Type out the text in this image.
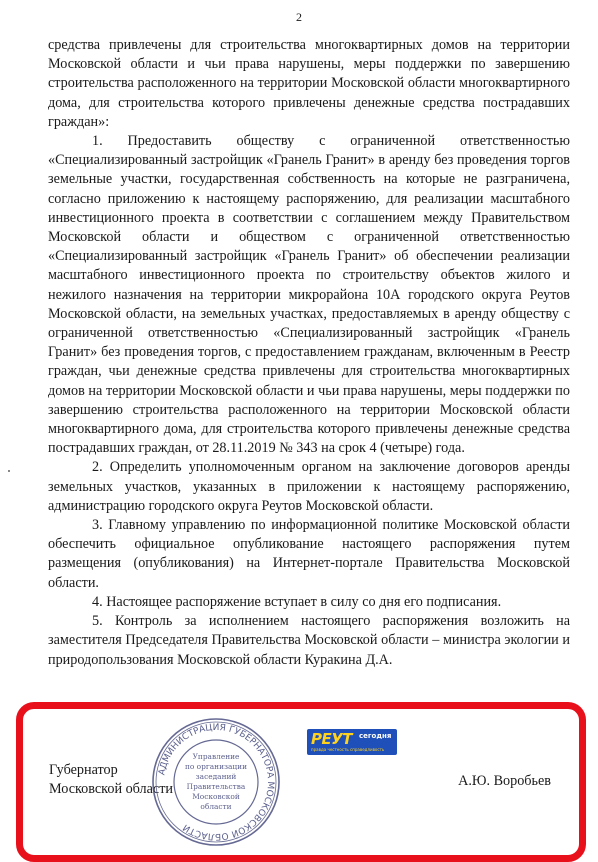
2

средства привлечены для строительства многоквартирных домов на территории Московской области и чьи права нарушены, меры поддержки по завершению строительства расположенного на территории Московской области многоквартирного дома, для строительства которого привлечены денежные средства пострадавших граждан»:

1. Предоставить обществу с ограниченной ответственностью «Специализированный застройщик «Гранель Гранит» в аренду без проведения торгов земельные участки, государственная собственность на которые не разграничена, согласно приложению к настоящему распоряжению, для реализации масштабного инвестиционного проекта в соответствии с соглашением между Правительством Московской области и обществом с ограниченной ответственностью «Специализированный застройщик «Гранель Гранит» об обеспечении реализации масштабного инвестиционного проекта по строительству объектов жилого и нежилого назначения на территории микрорайона 10А городского округа Реутов Московской области, на земельных участках, предоставляемых в аренду обществу с ограниченной ответственностью «Специализированный застройщик «Гранель Гранит» без проведения торгов, с предоставлением гражданам, включенным в Реестр граждан, чьи денежные средства привлечены для строительства многоквартирных домов на территории Московской области и чьи права нарушены, меры поддержки по завершению строительства расположенного на территории Московской области многоквартирного дома, для строительства которого привлечены денежные средства пострадавших граждан, от 28.11.2019 № 343 на срок 4 (четыре) года.

2. Определить уполномоченным органом на заключение договоров аренды земельных участков, указанных в приложении к настоящему распоряжению, администрацию городского округа Реутов Московской области.

3. Главному управлению по информационной политике Московской области обеспечить официальное опубликование настоящего распоряжения путем размещения (опубликования) на Интернет-портале Правительства Московской области.

4. Настоящее распоряжение вступает в силу со дня его подписания.

5. Контроль за исполнением настоящего распоряжения возложить на заместителя Председателя Правительства Московской области – министра экологии и природопользования Московской области Куракина Д.А.

Губернатор
Московской области
АДМИНИСТРАЦИЯ ГУБЕРНАТОРА МОСКОВСКОЙ ОБЛАСТИ
Управление
по организации
заседаний
Правительства
Московской
области
РЕУТ сегодня
правда честность справедливость
А.Ю. Воробьев
